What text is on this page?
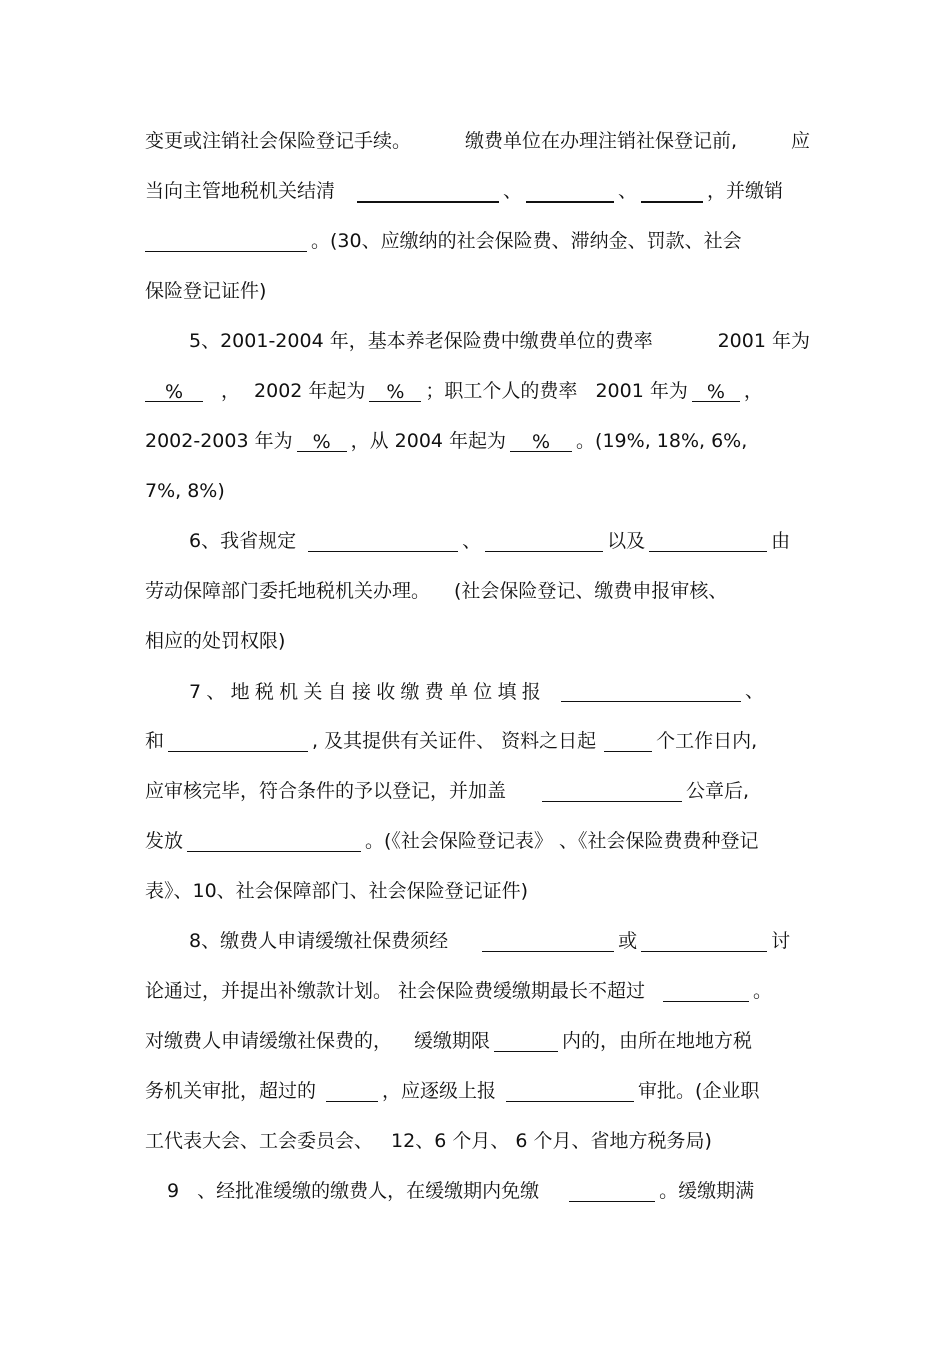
变更或注销社会保险登记手续。	缴费单位在办理注销社保登记前,	应
当向主管地税机关结清	、	、	，并缴销
。(30、应缴纳的社会保险费、滞纳金、罚款、社会
保险登记证件)
5、2001-2004 年，基本养老保险费中缴费单位的费率	2001 年为
% ， 2002 年起为 % ；职工个人的费率 2001 年为 % ，
2002-2003 年为 % ，从 2004 年起为 % 。(19%, 18%, 6%,
7%, 8%)
6、我省规定	、	以及	由
劳动保障部门委托地税机关办理。 (社会保险登记、缴费申报审核、
相应的处罚权限)
7 、 地 税 机 关 自 接 收 缴 费 单 位 填 报	、
和	, 及其提供有关证件、 资料之日起	个工作日内,
应审核完毕，符合条件的予以登记，并加盖	公章后,
发放	。(《社会保险登记表》 、《社会保险费费种登记
表》、10、社会保障部门、社会保险登记证件)
8、缴费人申请缓缴社保费须经	或	讨
论通过，并提出补缴款计划。 社会保险费缓缴期最长不超过	。
对缴费人申请缓缴社保费的， 缓缴期限	内的，由所在地地方税
务机关审批，超过的	，应逐级上报	审批。(企业职
工代表大会、工会委员会、 12、6 个月、 6 个月、省地方税务局)
9 、经批准缓缴的缴费人，在缓缴期内免缴	。缓缴期满
